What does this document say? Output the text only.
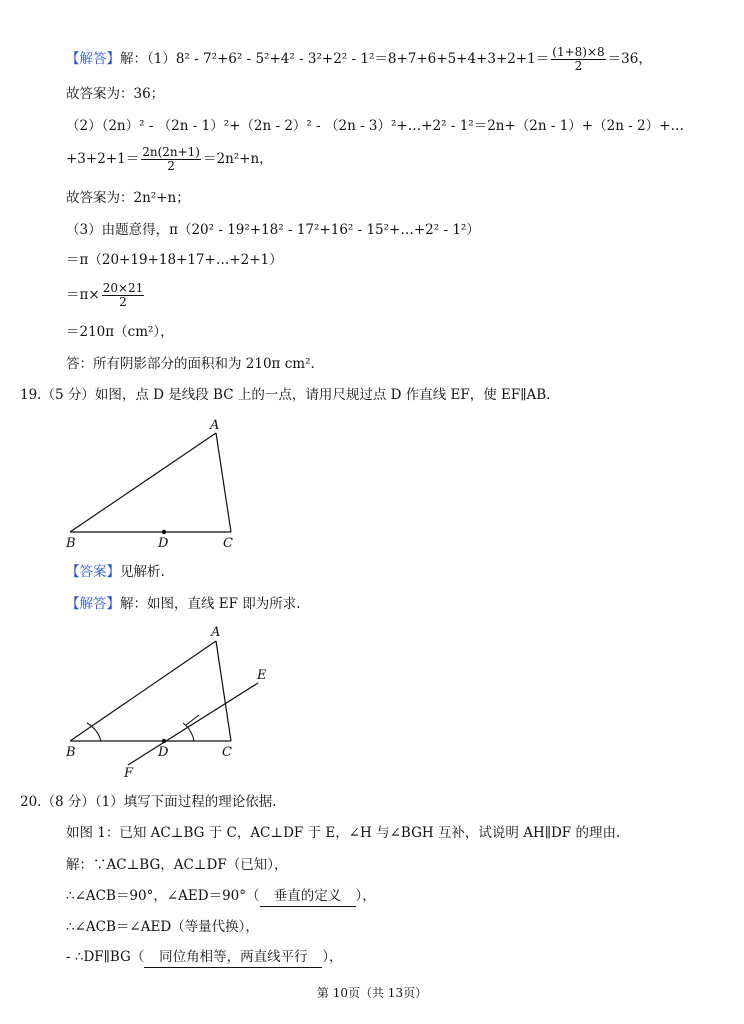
【解答】解：$(1)8^2 - 7^2+6^2 - 5^2+4^2 - 3^2+2^2 - 1^2=8+7+6+5+4+3+2+1= \frac{(1+8)\times 8}{2} =36$，
故答案为：36；
（2）（2n）² - （2n - 1）²+（2n - 2）² - （2n - 3）²+…+2² - 1²＝2n+（2n - 1）+（2n - 2）+…
$+3+2+1= \frac{2n(2n+1)}{2} =2n^2+n$，
故答案为：2n²+n；
（3）由题意得，π（20² - 19²+18² - 17²+16² - 15²+…+2² - 1²）
＝π（20+19+18+17+…+2+1）
$=\pi\times \frac{20\times 21}{2}$
＝210π（cm²），
答：所有阴影部分的面积和为 210π cm².
19.（5 分）如图，点 D 是线段 BC 上的一点，请用尺规过点 D 作直线 EF，使 EF∥AB.
A
B	C
D
【答案】见解析.
【解答】解：如图，直线 EF 即为所求.
A
B	C
D
E
F
20.（8 分）（1）填写下面过程的理论依据.
如图 1：已知 AC⊥BG 于 C，AC⊥DF 于 E，∠H 与∠BGH 互补，试说明 AH∥DF 的理由.
解：∵AC⊥BG，AC⊥DF（已知），
∴∠ACB＝90°，∠AED＝90°（ 垂直的定义 ），
∴∠ACB＝∠AED（等量代换），
- ∴DF∥BG（ 同位角相等，两直线平行 ），
第 10页（共 13页）
